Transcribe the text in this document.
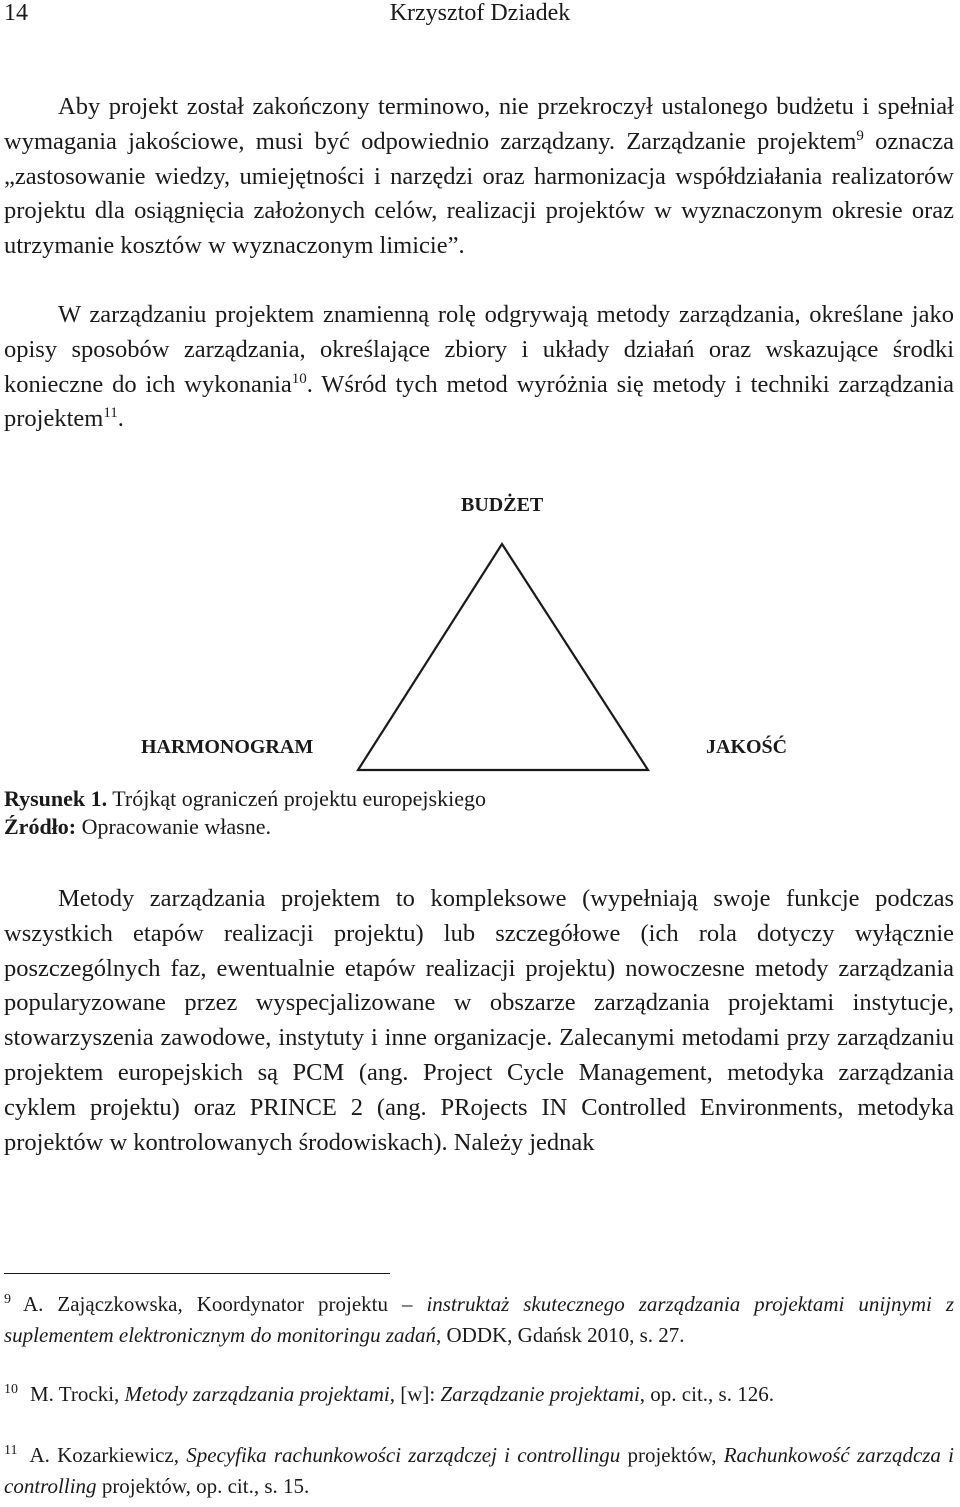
14	Krzysztof Dziadek

Aby projekt został zakończony terminowo, nie przekroczył ustalonego budżetu i spełniał wymagania jakościowe, musi być odpowiednio zarządzany. Zarządzanie projektem$^9$ oznacza „zastosowanie wiedzy, umiejętności i narzędzi oraz harmonizacja współdziałania realizatorów projektu dla osiągnięcia założonych celów, realizacji projektów w wyznaczonym okresie oraz utrzymanie kosztów w wyznaczonym limicie”.

W zarządzaniu projektem znamienną rolę odgrywają metody zarządzania, określane jako opisy sposobów zarządzania, określające zbiory i układy działań oraz wskazujące środki konieczne do ich wykonania$^{10}$. Wśród tych metod wyróżnia się metody i techniki zarządzania projektem$^{11}$.

BUDŻET
HARMONOGRAM	JAKOŚĆ
Rysunek 1. Trójkąt ograniczeń projektu europejskiego
Źródło: Opracowanie własne.

Metody zarządzania projektem to kompleksowe (wypełniają swoje funkcje podczas wszystkich etapów realizacji projektu) lub szczegółowe (ich rola dotyczy wyłącznie poszczególnych faz, ewentualnie etapów realizacji projektu) nowoczesne metody zarządzania popularyzowane przez wyspecjalizowane w obszarze zarządzania projektami instytucje, stowarzyszenia zawodowe, instytuty i inne organizacje. Zalecanymi metodami przy zarządzaniu projektem europejskich są PCM (ang. Project Cycle Management, metodyka zarządzania cyklem projektu) oraz PRINCE 2 (ang. PRojects IN Controlled Environments, metodyka projektów w kontrolowanych środowiskach). Należy jednak

$^9$ A. Zajączkowska, Koordynator projektu – instruktaż skutecznego zarządzania projektami unijnymi z suplementem elektronicznym do monitoringu zadań, ODDK, Gdańsk 2010, s. 27.
$^{10}$ M. Trocki, Metody zarządzania projektami, [w]: Zarządzanie projektami, op. cit., s. 126.
$^{11}$ A. Kozarkiewicz, Specyfika rachunkowości zarządczej i controllingu projektów, Rachunkowość zarządcza i controlling projektów, op. cit., s. 15.
